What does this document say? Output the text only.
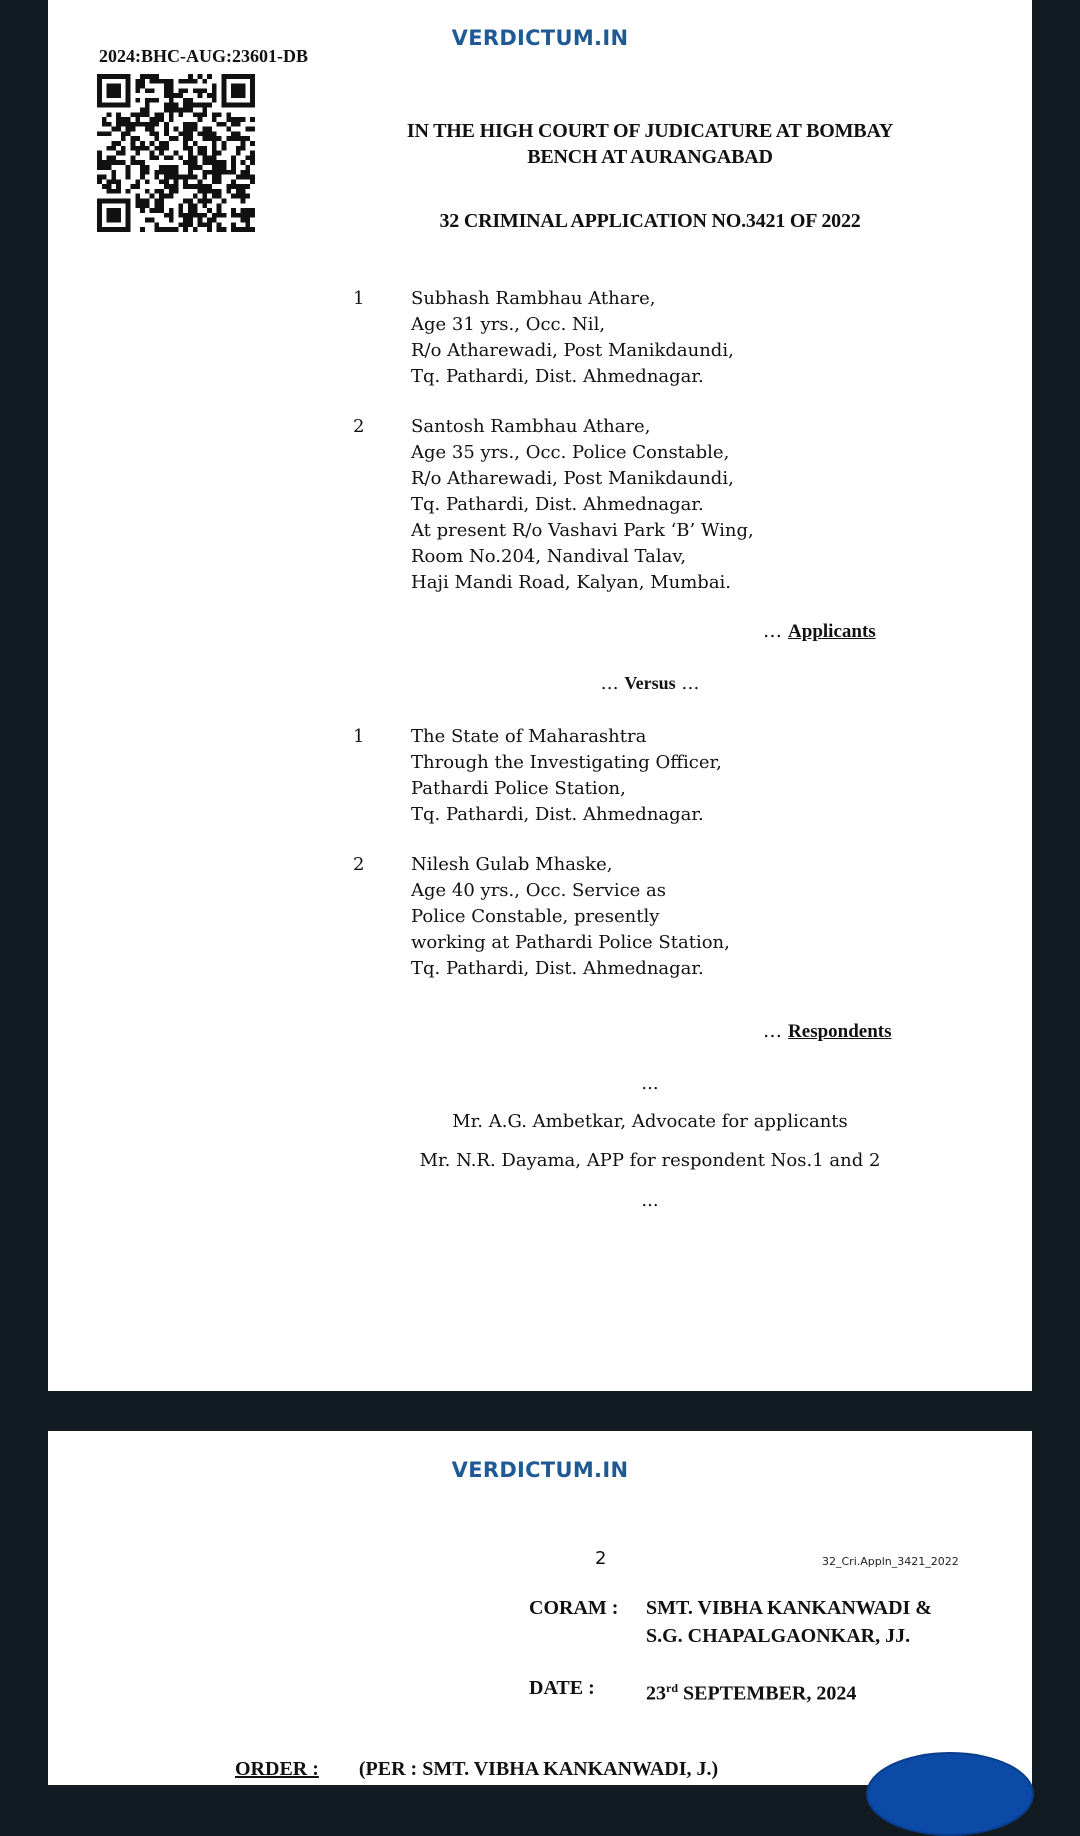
VERDICTUM.IN
2024:BHC-AUG:23601-DB
IN THE HIGH COURT OF JUDICATURE AT BOMBAY
BENCH AT AURANGABAD
32 CRIMINAL APPLICATION NO.3421 OF 2022
1	Subhash Rambhau Athare,
Age 31 yrs., Occ. Nil,
R/o Atharewadi, Post Manikdaundi,
Tq. Pathardi, Dist. Ahmednagar.
2	Santosh Rambhau Athare,
Age 35 yrs., Occ. Police Constable,
R/o Atharewadi, Post Manikdaundi,
Tq. Pathardi, Dist. Ahmednagar.
At present R/o Vashavi Park ‘B’ Wing,
Room No.204, Nandival Talav,
Haji Mandi Road, Kalyan, Mumbai.
… Applicants
… Versus …
1	The State of Maharashtra
Through the Investigating Officer,
Pathardi Police Station,
Tq. Pathardi, Dist. Ahmednagar.
2	Nilesh Gulab Mhaske,
Age 40 yrs., Occ. Service as
Police Constable, presently
working at Pathardi Police Station,
Tq. Pathardi, Dist. Ahmednagar.
… Respondents
...
Mr. A.G. Ambetkar, Advocate for applicants
Mr. N.R. Dayama, APP for respondent Nos.1 and 2
...
VERDICTUM.IN
2	32_Cri.Appln_3421_2022
CORAM : SMT. VIBHA KANKANWADI &
S.G. CHAPALGAONKAR, JJ.
DATE :	23rd SEPTEMBER, 2024
ORDER : (PER : SMT. VIBHA KANKANWADI, J.)
